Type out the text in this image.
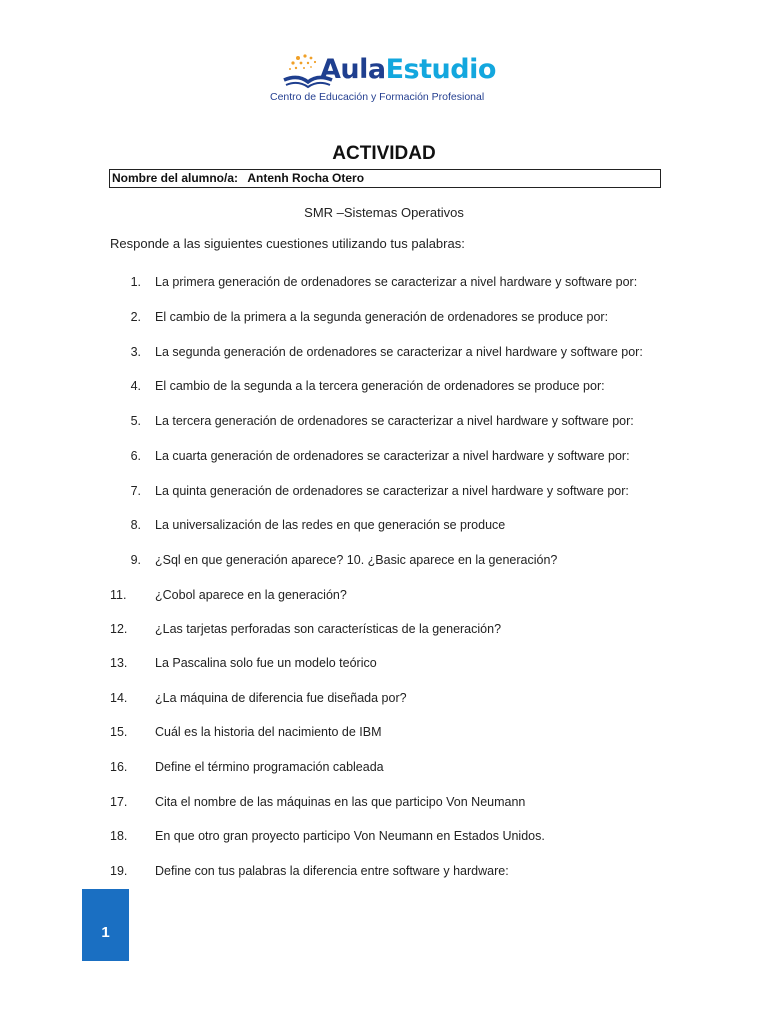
AulaEstudio
Centro de Educación y Formación Profesional
ACTIVIDAD
Nombre del alumno/a: Antenh Rocha Otero
SMR –Sistemas Operativos
Responde a las siguientes cuestiones utilizando tus palabras:
1. La primera generación de ordenadores se caracterizar a nivel hardware y software por:
2. El cambio de la primera a la segunda generación de ordenadores se produce por:
3. La segunda generación de ordenadores se caracterizar a nivel hardware y software por:
4. El cambio de la segunda a la tercera generación de ordenadores se produce por:
5. La tercera generación de ordenadores se caracterizar a nivel hardware y software por:
6. La cuarta generación de ordenadores se caracterizar a nivel hardware y software por:
7. La quinta generación de ordenadores se caracterizar a nivel hardware y software por:
8. La universalización de las redes en que generación se produce
9. ¿Sql en que generación aparece? 10. ¿Basic aparece en la generación?
11. ¿Cobol aparece en la generación?
12. ¿Las tarjetas perforadas son características de la generación?
13. La Pascalina solo fue un modelo teórico
14. ¿La máquina de diferencia fue diseñada por?
15. Cuál es la historia del nacimiento de IBM
16. Define el término programación cableada
17. Cita el nombre de las máquinas en las que participo Von Neumann
18. En que otro gran proyecto participo Von Neumann en Estados Unidos.
19. Define con tus palabras la diferencia entre software y hardware:
1
